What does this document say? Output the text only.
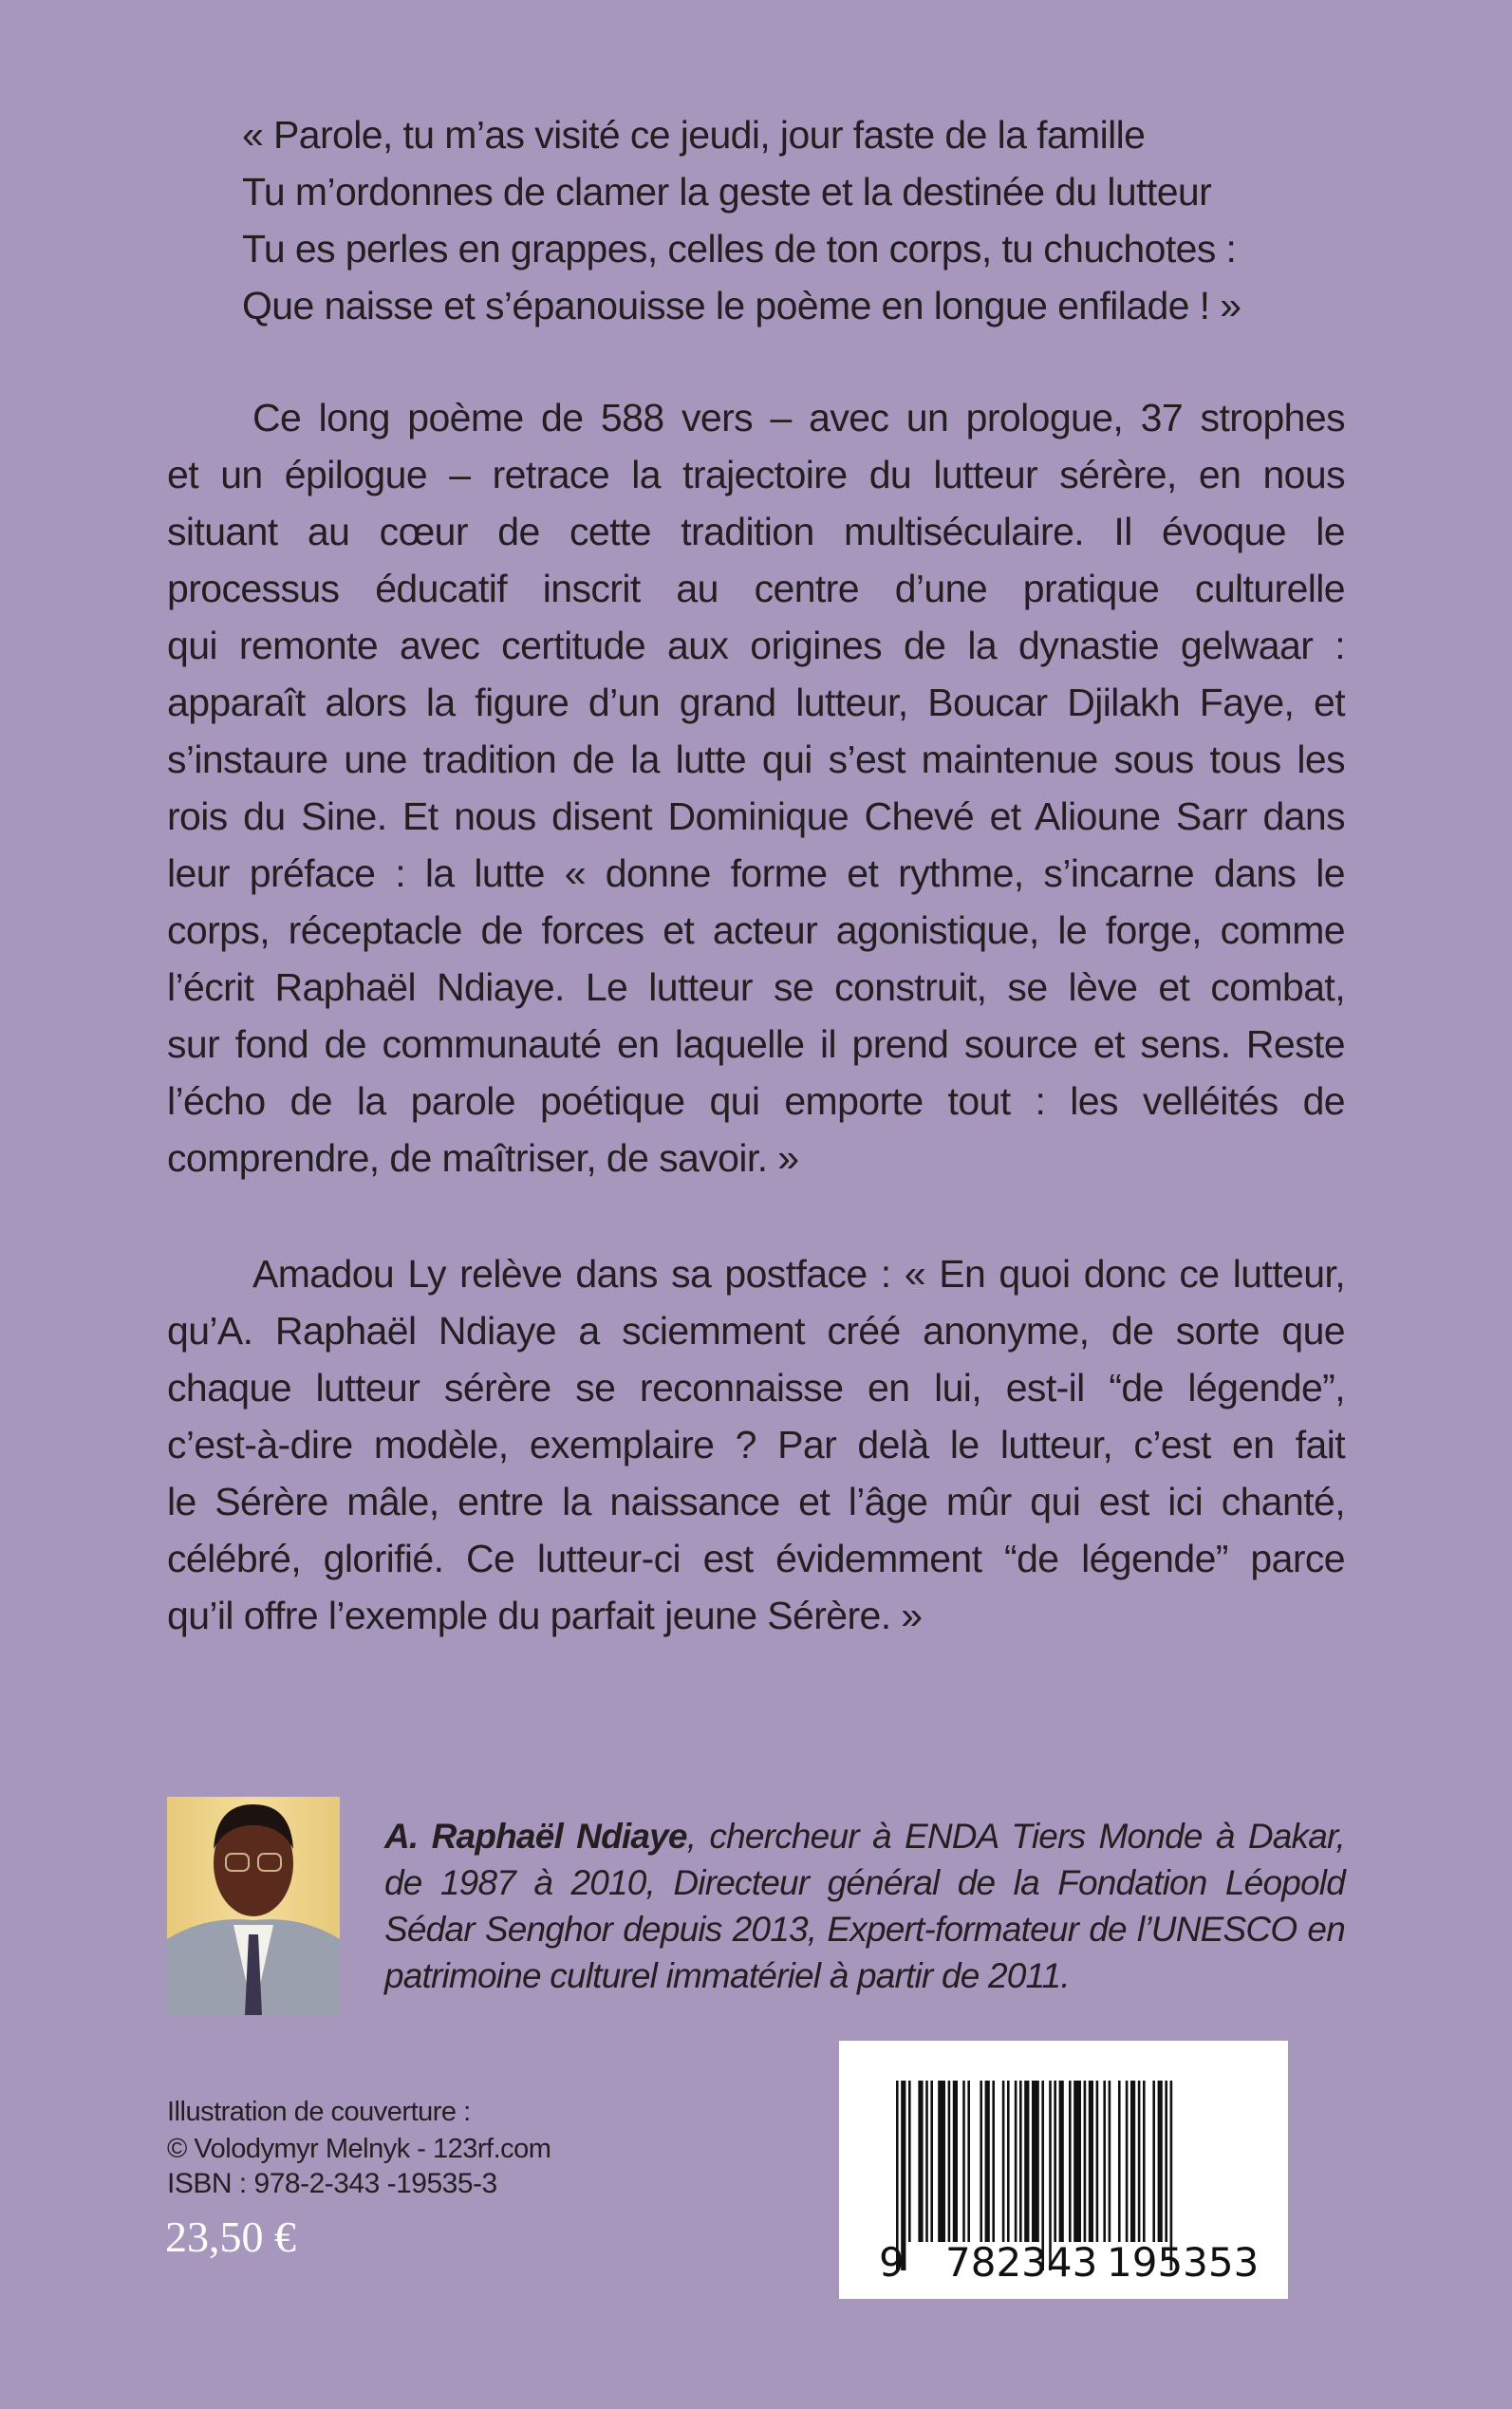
« Parole, tu m’as visité ce jeudi, jour faste de la famille
Tu m’ordonnes de clamer la geste et la destinée du lutteur
Tu es perles en grappes, celles de ton corps, tu chuchotes :
Que naisse et s’épanouisse le poème en longue enfilade ! »
Ce long poème de 588 vers – avec un prologue, 37 strophes
et un épilogue – retrace la trajectoire du lutteur sérère, en nous
situant au cœur de cette tradition multiséculaire. Il évoque le
processus éducatif inscrit au centre d’une pratique culturelle
qui remonte avec certitude aux origines de la dynastie gelwaar :
apparaît alors la figure d’un grand lutteur, Boucar Djilakh Faye, et
s’instaure une tradition de la lutte qui s’est maintenue sous tous les
rois du Sine. Et nous disent Dominique Chevé et Alioune Sarr dans
leur préface : la lutte « donne forme et rythme, s’incarne dans le
corps, réceptacle de forces et acteur agonistique, le forge, comme
l’écrit Raphaël Ndiaye. Le lutteur se construit, se lève et combat,
sur fond de communauté en laquelle il prend source et sens. Reste
l’écho de la parole poétique qui emporte tout : les velléités de
comprendre, de maîtriser, de savoir. »
Amadou Ly relève dans sa postface : « En quoi donc ce lutteur,
qu’A. Raphaël Ndiaye a sciemment créé anonyme, de sorte que
chaque lutteur sérère se reconnaisse en lui, est-il “de légende”,
c’est-à-dire modèle, exemplaire ? Par delà le lutteur, c’est en fait
le Sérère mâle, entre la naissance et l’âge mûr qui est ici chanté,
célébré, glorifié. Ce lutteur-ci est évidemment “de légende” parce
qu’il offre l’exemple du parfait jeune Sérère. »
A. Raphaël Ndiaye, chercheur à ENDA Tiers Monde à Dakar,
de 1987 à 2010, Directeur général de la Fondation Léopold
Sédar Senghor depuis 2013, Expert-formateur de l’UNESCO en
patrimoine culturel immatériel à partir de 2011.
Illustration de couverture :
© Volodymyr Melnyk - 123rf.com
ISBN : 978-2-343 -19535-3
23,50 €
9 782343 195353
